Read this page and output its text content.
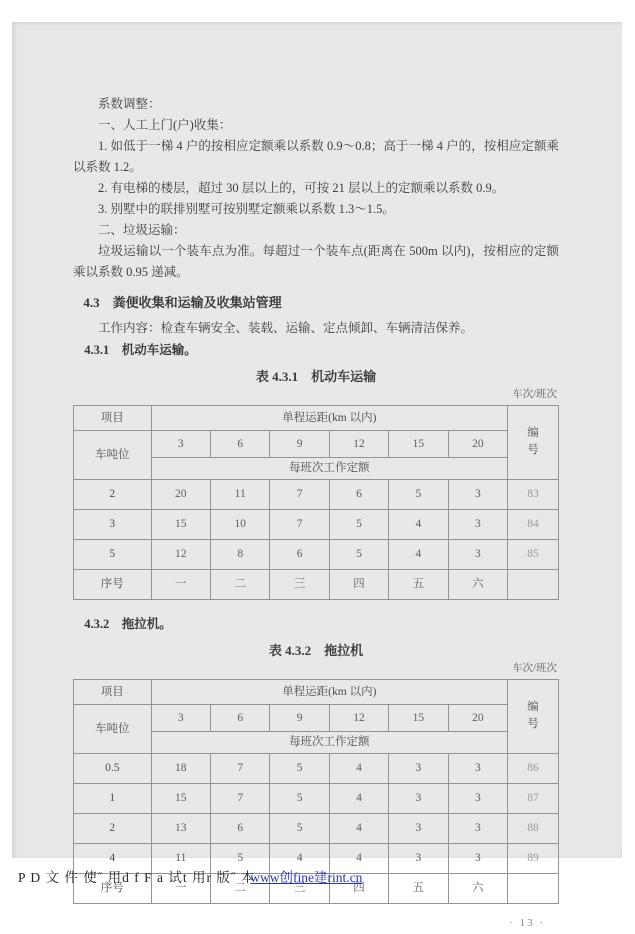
系数调整：

一、人工上门(户)收集：

1. 如低于一梯 4 户的按相应定额乘以系数 0.9～0.8；高于一梯 4 户的，按相应定额乘以系数 1.2。

2. 有电梯的楼层，超过 30 层以上的，可按 21 层以上的定额乘以系数 0.9。

3. 别墅中的联排别墅可按别墅定额乘以系数 1.3～1.5。

二、垃圾运输：

垃圾运输以一个装车点为准。每超过一个装车点(距离在 500m 以内)，按相应的定额乘以系数 0.95 递减。

4.3　粪便收集和运输及收集站管理

工作内容：检查车辆安全、装载、运输、定点倾卸、车辆清洁保养。

4.3.1　机动车运输。
表 4.3.1　机动车运输
车次/班次
项目	单程运距(km 以内)						编号
车吨位	3	6	9	12	15	20	
	每班次工作定额						
2	20	11	7	6	5	3	83
3	15	10	7	5	4	3	84
5	12	8	6	5	4	3	85
序号	一	二	三	四	五	六	
4.3.2　拖拉机。
表 4.3.2　拖拉机
车次/班次
项目	单程运距(km 以内)						编号
车吨位	3	6	9	12	15	20	
	每班次工作定额						
0.5	18	7	5	4	3	3	86
1	15	7	5	4	3	3	87
2	13	6	5	4	3	3	88
4	11	5	4	4	3	3	89
序号	一	二	三	四	五	六	
· 13 ·
P D 文 件 使˝ 用d f F a 试t 用r 版˝ 本www创fine建rint.cn
